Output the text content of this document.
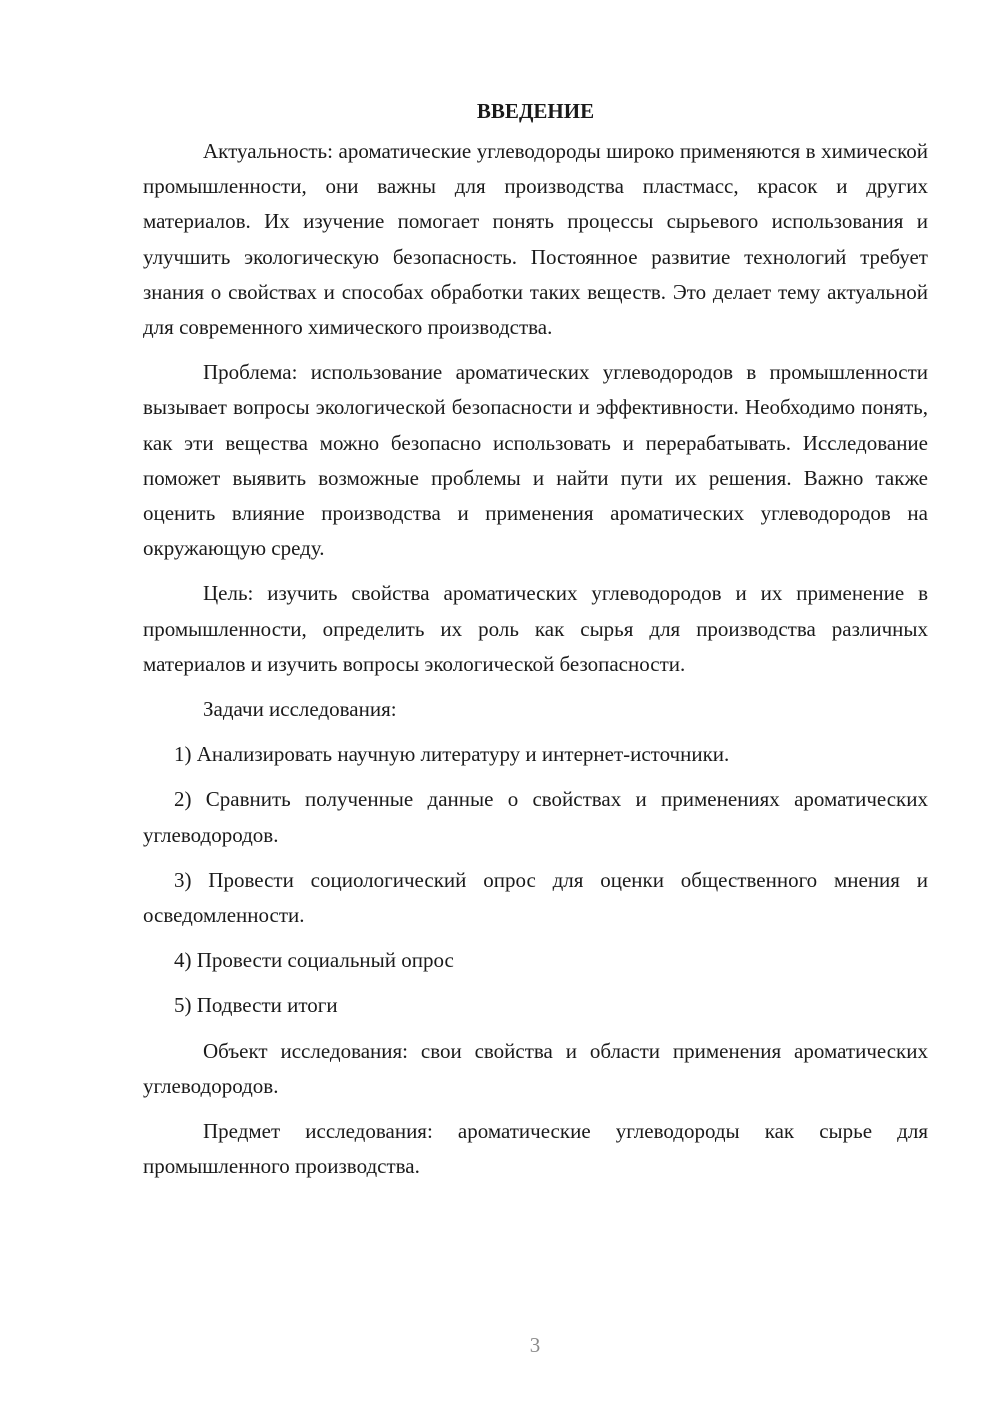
ВВЕДЕНИЕ

Актуальность: ароматические углеводороды широко применяются в химической промышленности, они важны для производства пластмасс, красок и других материалов. Их изучение помогает понять процессы сырьевого использования и улучшить экологическую безопасность. Постоянное развитие технологий требует знания о свойствах и способах обработки таких веществ. Это делает тему актуальной для современного химического производства.

Проблема: использование ароматических углеводородов в промышленности вызывает вопросы экологической безопасности и эффективности. Необходимо понять, как эти вещества можно безопасно использовать и перерабатывать. Исследование поможет выявить возможные проблемы и найти пути их решения. Важно также оценить влияние производства и применения ароматических углеводородов на окружающую среду.

Цель: изучить свойства ароматических углеводородов и их применение в промышленности, определить их роль как сырья для производства различных материалов и изучить вопросы экологической безопасности.

Задачи исследования:

1) Анализировать научную литературу и интернет-источники.

2) Сравнить полученные данные о свойствах и применениях ароматических углеводородов.

3) Провести социологический опрос для оценки общественного мнения и осведомленности.

4) Провести социальный опрос

5) Подвести итоги

Объект исследования: свои свойства и области применения ароматических углеводородов.

Предмет исследования: ароматические углеводороды как сырье для промышленного производства.

3
